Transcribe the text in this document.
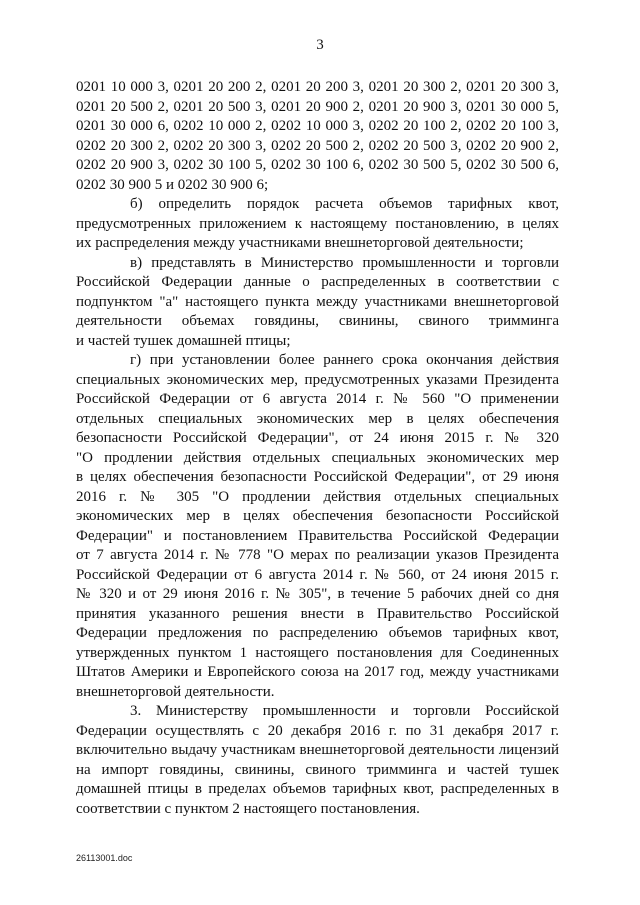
3
0201 10 000 3, 0201 20 200 2, 0201 20 200 3, 0201 20 300 2, 0201 20 300 3,
0201 20 500 2, 0201 20 500 3, 0201 20 900 2, 0201 20 900 3, 0201 30 000 5,
0201 30 000 6, 0202 10 000 2, 0202 10 000 3, 0202 20 100 2, 0202 20 100 3,
0202 20 300 2, 0202 20 300 3, 0202 20 500 2, 0202 20 500 3, 0202 20 900 2,
0202 20 900 3, 0202 30 100 5, 0202 30 100 6, 0202 30 500 5, 0202 30 500 6,
0202 30 900 5 и 0202 30 900 6;
б) определить порядок расчета объемов тарифных квот,
предусмотренных приложением к настоящему постановлению, в целях
их распределения между участниками внешнеторговой деятельности;
в) представлять в Министерство промышленности и торговли
Российской Федерации данные о распределенных в соответствии с
подпунктом "а" настоящего пункта между участниками внешнеторговой
деятельности объемах говядины, свинины, свиного тримминга
и частей тушек домашней птицы;
г) при установлении более раннего срока окончания действия
специальных экономических мер, предусмотренных указами Президента
Российской Федерации от 6 августа 2014 г. № 560 "О применении
отдельных специальных экономических мер в целях обеспечения
безопасности Российской Федерации", от 24 июня 2015 г. № 320
"О продлении действия отдельных специальных экономических мер
в целях обеспечения безопасности Российской Федерации", от 29 июня
2016 г. № 305 "О продлении действия отдельных специальных
экономических мер в целях обеспечения безопасности Российской
Федерации" и постановлением Правительства Российской Федерации
от 7 августа 2014 г. № 778 "О мерах по реализации указов Президента
Российской Федерации от 6 августа 2014 г. № 560, от 24 июня 2015 г.
№ 320 и от 29 июня 2016 г. № 305", в течение 5 рабочих дней со дня
принятия указанного решения внести в Правительство Российской
Федерации предложения по распределению объемов тарифных квот,
утвержденных пунктом 1 настоящего постановления для Соединенных
Штатов Америки и Европейского союза на 2017 год, между участниками
внешнеторговой деятельности.
3. Министерству промышленности и торговли Российской
Федерации осуществлять с 20 декабря 2016 г. по 31 декабря 2017 г.
включительно выдачу участникам внешнеторговой деятельности лицензий
на импорт говядины, свинины, свиного тримминга и частей тушек
домашней птицы в пределах объемов тарифных квот, распределенных в
соответствии с пунктом 2 настоящего постановления.
26113001.doc
